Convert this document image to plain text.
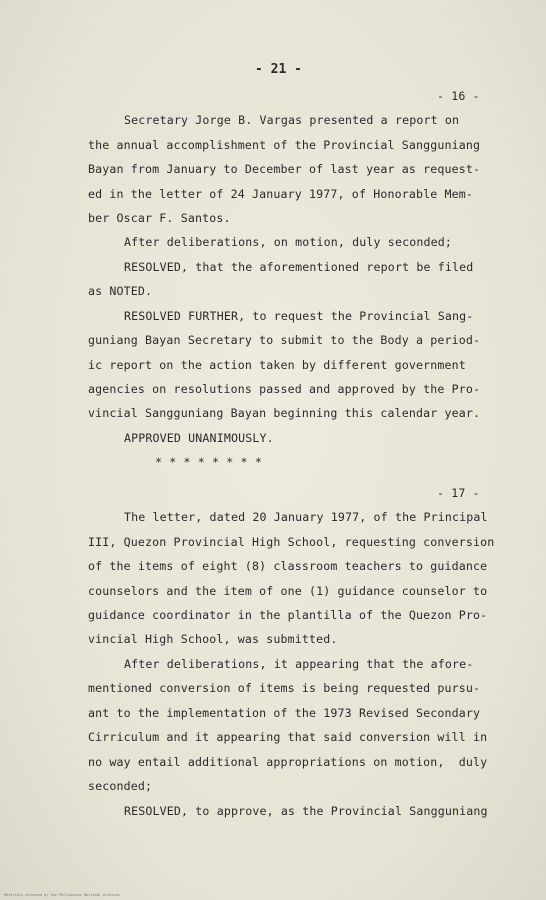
- 21 -
- 16 -
Secretary Jorge B. Vargas presented a report on
the annual accomplishment of the Provincial Sangguniang
Bayan from January to December of last year as request-
ed in the letter of 24 January 1977, of Honorable Mem-
ber Oscar F. Santos.
After deliberations, on motion, duly seconded;
RESOLVED, that the aforementioned report be filed
as NOTED.
RESOLVED FURTHER, to request the Provincial Sang-
guniang Bayan Secretary to submit to the Body a period-
ic report on the action taken by different government
agencies on resolutions passed and approved by the Pro-
vincial Sangguniang Bayan beginning this calendar year.
APPROVED UNANIMOUSLY.
* * * * * * * *
- 17 -
The letter, dated 20 January 1977, of the Principal
III, Quezon Provincial High School, requesting conversion
of the items of eight (8) classroom teachers to guidance
counselors and the item of one (1) guidance counselor to
guidance coordinator in the plantilla of the Quezon Pro-
vincial High School, was submitted.
After deliberations, it appearing that the afore-
mentioned conversion of items is being requested pursu-
ant to the implementation of the 1973 Revised Secondary
Cirriculum and it appearing that said conversion will in
no way entail additional appropriations on motion,  duly
seconded;
RESOLVED, to approve, as the Provincial Sangguniang
Materials released by the Philippines National Archives
